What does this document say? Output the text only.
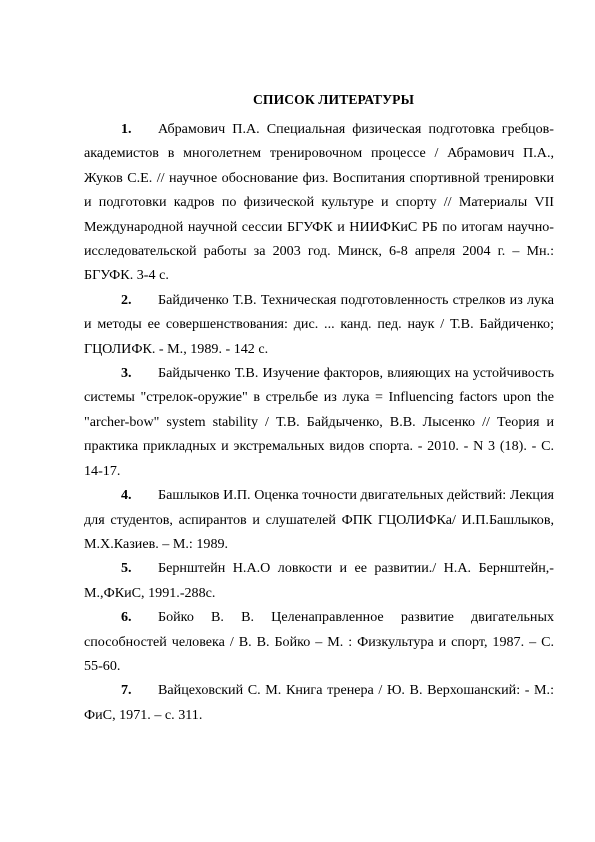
СПИСОК ЛИТЕРАТУРЫ

1. Абрамович П.А. Специальная физическая подготовка гребцов-академистов в многолетнем тренировочном процессе / Абрамович П.А., Жуков С.Е. // научное обоснование физ. Воспитания спортивной тренировки и подготовки кадров по физической культуре и спорту // Материалы VII Международной научной сессии БГУФК и НИИФКиС РБ по итогам научно-исследовательской работы за 2003 год. Минск, 6-8 апреля 2004 г. – Мн.: БГУФК. 3-4 с.

2. Байдиченко Т.В. Техническая подготовленность стрелков из лука и методы ее совершенствования: дис. ... канд. пед. наук / Т.В. Байдиченко; ГЦОЛИФК. - М., 1989. - 142 с.

3. Байдыченко Т.В. Изучение факторов, влияющих на устойчивость системы "стрелок-оружие" в стрельбе из лука = Influencing factors upon the "archer-bow" system stability / Т.В. Байдыченко, В.В. Лысенко // Теория и практика прикладных и экстремальных видов спорта. - 2010. - N 3 (18). - С. 14-17.

4. Башлыков И.П. Оценка точности двигательных действий: Лекция для студентов, аспирантов и слушателей ФПК ГЦОЛИФКа/ И.П.Башлыков, М.Х.Казиев. – М.: 1989.

5. Бернштейн Н.А.О ловкости и ее развитии./ Н.А. Бернштейн,-М.,ФКиС, 1991.-288с.

6. Бойко В. В. Целенаправленное развитие двигательных способностей человека / В. В. Бойко – М. : Физкультура и спорт, 1987. – С. 55-60.

7. Вайцеховский С. М. Книга тренера / Ю. В. Верхошанский: - М.: ФиС, 1971. – с. 311.
